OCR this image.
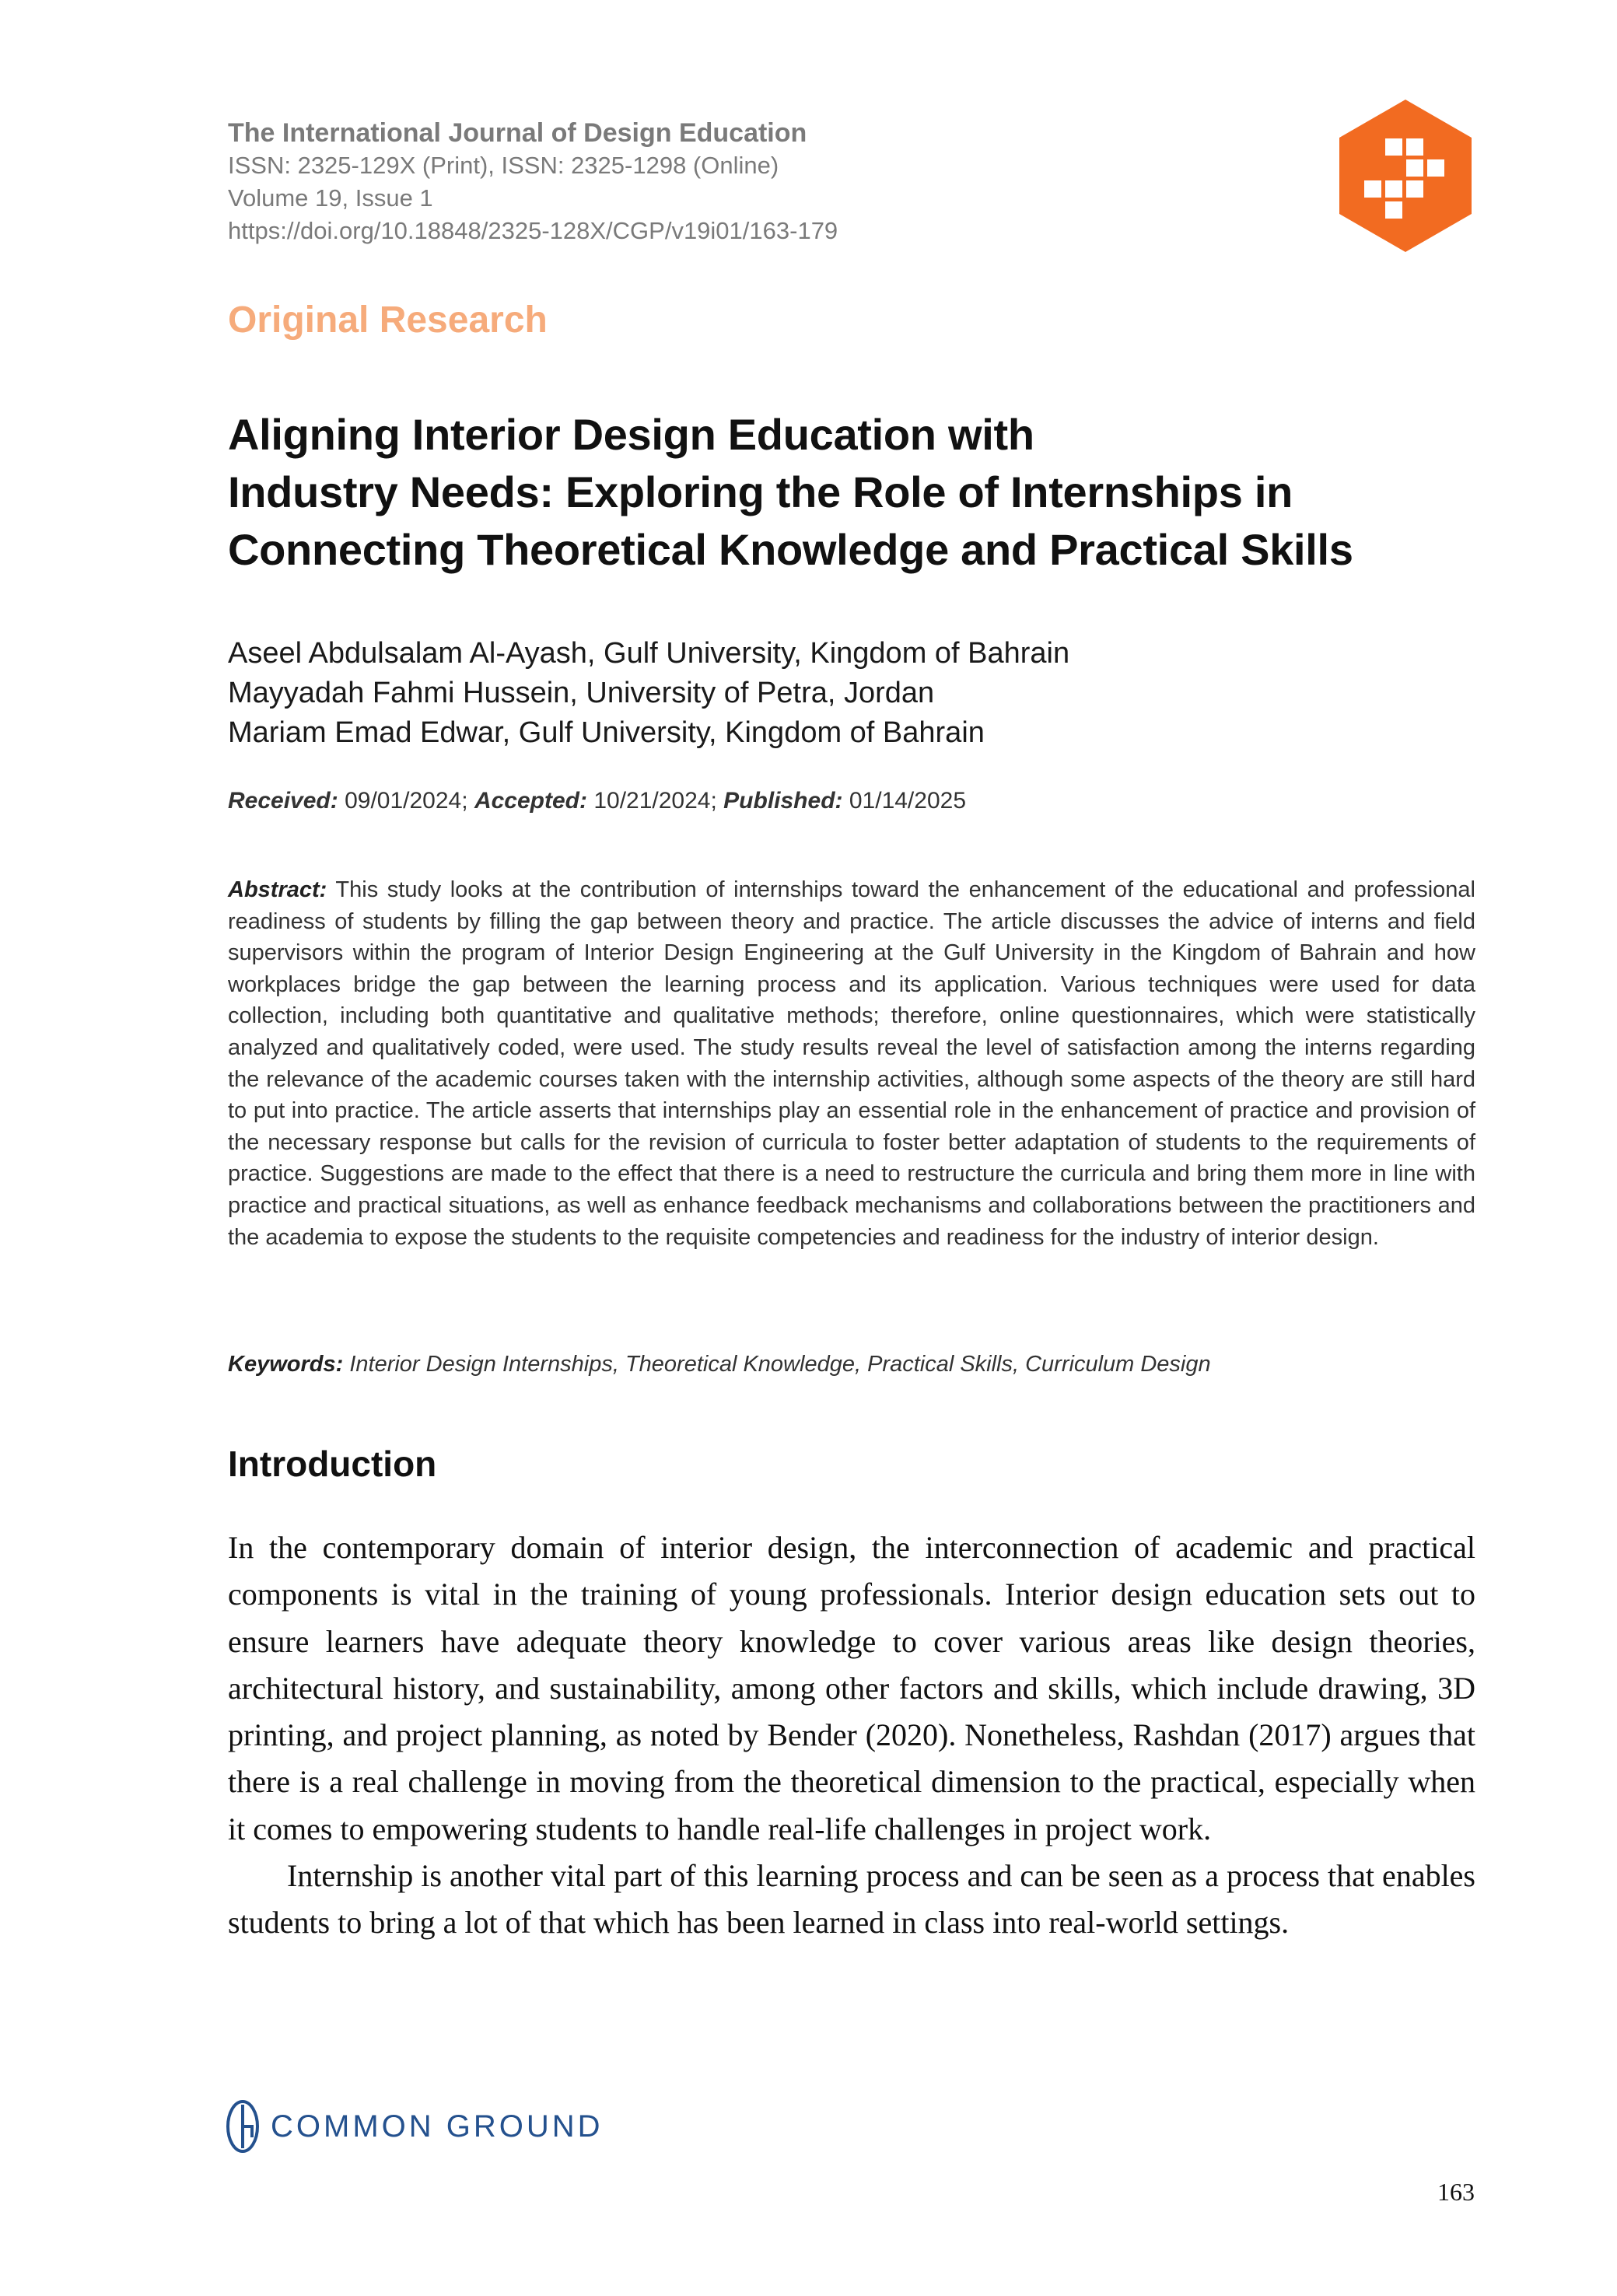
The International Journal of Design Education
ISSN: 2325-129X (Print), ISSN: 2325-1298 (Online)
Volume 19, Issue 1
https://doi.org/10.18848/2325-128X/CGP/v19i01/163-179
Original Research
Aligning Interior Design Education with
Industry Needs: Exploring the Role of Internships in
Connecting Theoretical Knowledge and Practical Skills
Aseel Abdulsalam Al-Ayash, Gulf University, Kingdom of Bahrain
Mayyadah Fahmi Hussein, University of Petra, Jordan
Mariam Emad Edwar, Gulf University, Kingdom of Bahrain
Received: 09/01/2024; Accepted: 10/21/2024; Published: 01/14/2025
Abstract: This study looks at the contribution of internships toward the enhancement of the educational and professional readiness of students by filling the gap between theory and practice. The article discusses the advice of interns and field supervisors within the program of Interior Design Engineering at the Gulf University in the Kingdom of Bahrain and how workplaces bridge the gap between the learning process and its application. Various techniques were used for data collection, including both quantitative and qualitative methods; therefore, online questionnaires, which were statistically analyzed and qualitatively coded, were used. The study results reveal the level of satisfaction among the interns regarding the relevance of the academic courses taken with the internship activities, although some aspects of the theory are still hard to put into practice. The article asserts that internships play an essential role in the enhancement of practice and provision of the necessary response but calls for the revision of curricula to foster better adaptation of students to the requirements of practice. Suggestions are made to the effect that there is a need to restructure the curricula and bring them more in line with practice and practical situations, as well as enhance feedback mechanisms and collaborations between the practitioners and the academia to expose the students to the requisite competencies and readiness for the industry of interior design.
Keywords: Interior Design Internships, Theoretical Knowledge, Practical Skills, Curriculum Design
Introduction

In the contemporary domain of interior design, the interconnection of academic and practical components is vital in the training of young professionals. Interior design education sets out to ensure learners have adequate theory knowledge to cover various areas like design theories, architectural history, and sustainability, among other factors and skills, which include drawing, 3D printing, and project planning, as noted by Bender (2020). Nonetheless, Rashdan (2017) argues that there is a real challenge in moving from the theoretical dimension to the practical, especially when it comes to empowering students to handle real-life challenges in project work.

Internship is another vital part of this learning process and can be seen as a process that enables students to bring a lot of that which has been learned in class into real-world settings.

COMMON GROUND
163
